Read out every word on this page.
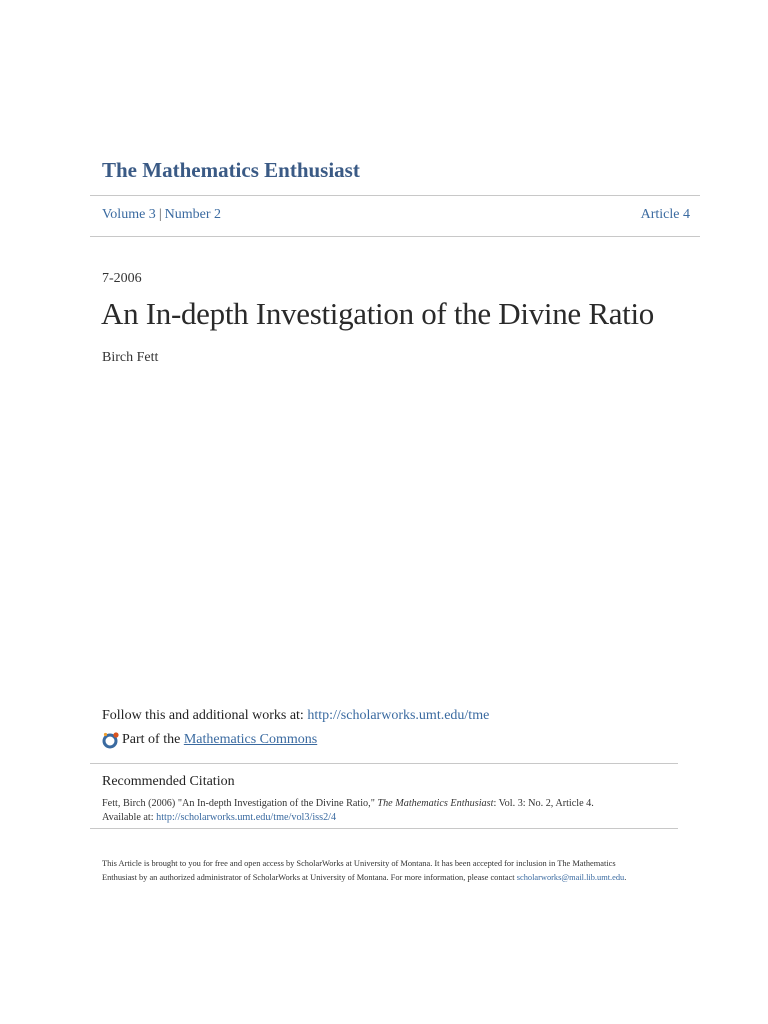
The Mathematics Enthusiast
Volume 3 | Number 2	Article 4
7-2006
An In-depth Investigation of the Divine Ratio
Birch Fett
Follow this and additional works at: http://scholarworks.umt.edu/tme
Part of the
Mathematics Commons
Recommended Citation
Fett, Birch (2006) "An In-depth Investigation of the Divine Ratio," The Mathematics Enthusiast: Vol. 3: No. 2, Article 4.
Available at: http://scholarworks.umt.edu/tme/vol3/iss2/4
This Article is brought to you for free and open access by ScholarWorks at University of Montana. It has been accepted for inclusion in The Mathematics Enthusiast by an authorized administrator of ScholarWorks at University of Montana. For more information, please contact scholarworks@mail.lib.umt.edu.
